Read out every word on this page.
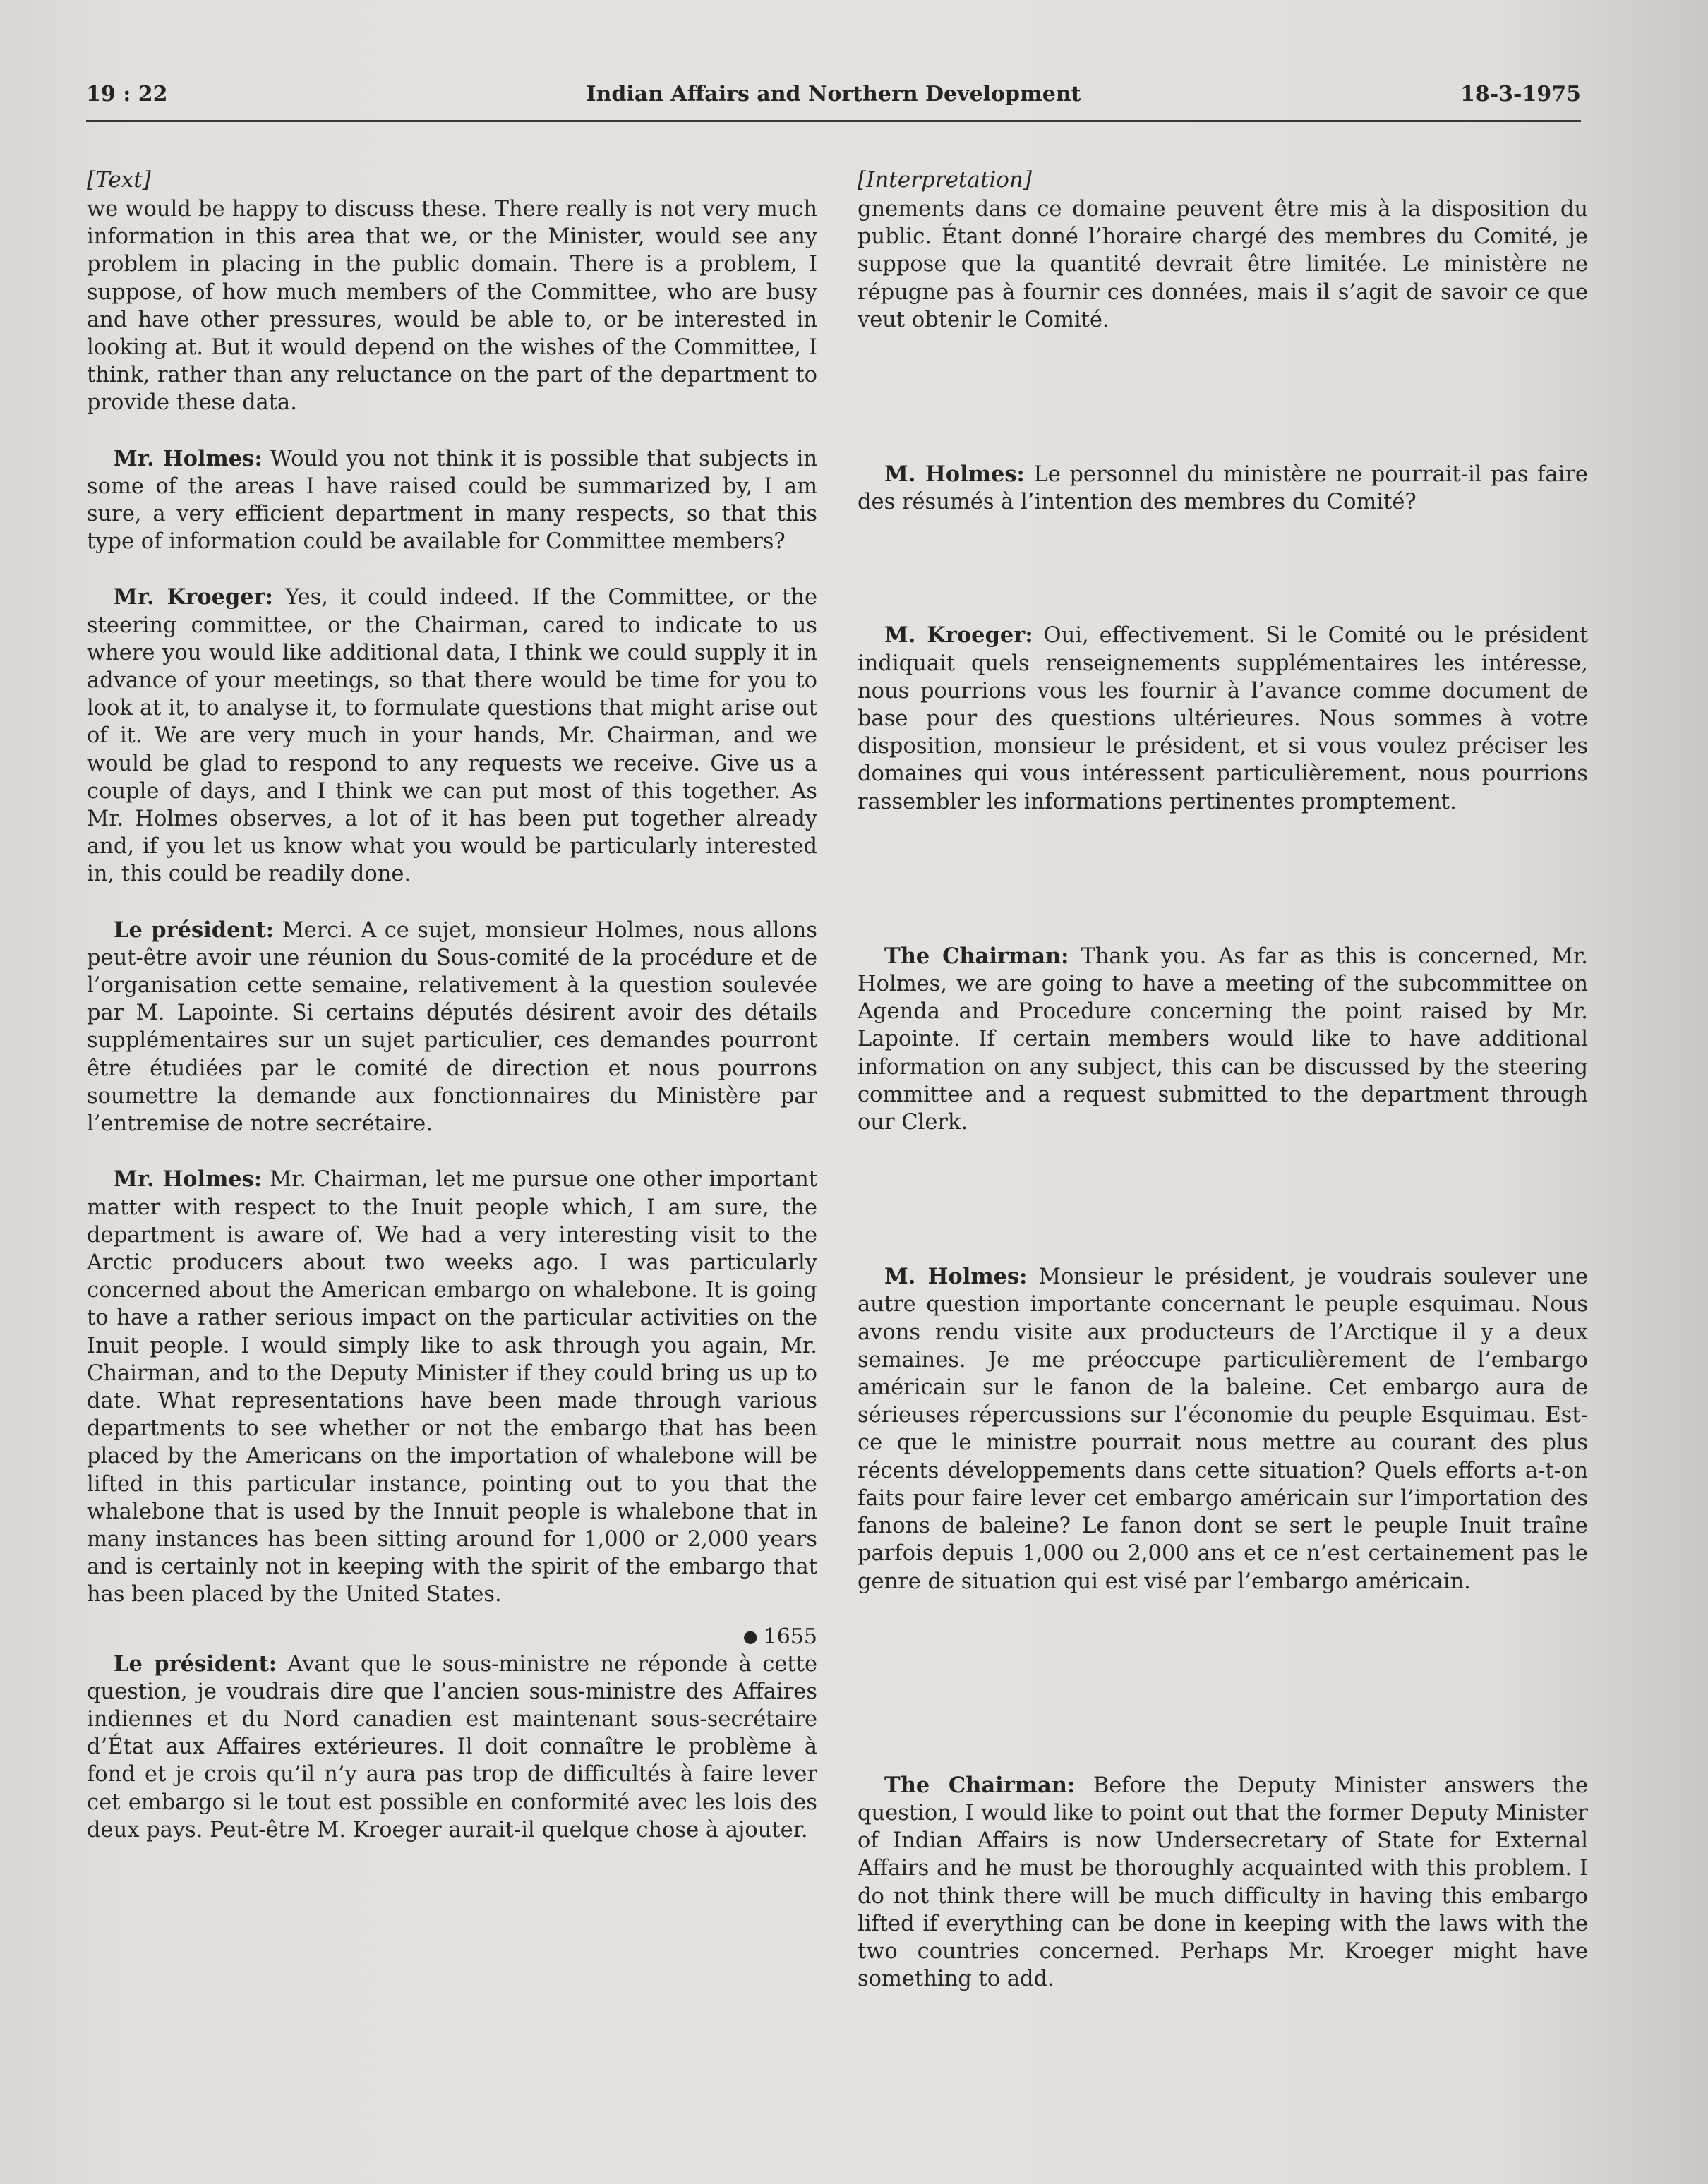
19 : 22	Indian Affairs and Northern Development	18-3-1975

[Text]

we would be happy to discuss these. There really is not very much information in this area that we, or the Minister, would see any problem in placing in the public domain. There is a problem, I suppose, of how much members of the Committee, who are busy and have other pressures, would be able to, or be interested in looking at. But it would depend on the wishes of the Committee, I think, rather than any reluctance on the part of the department to provide these data.

Mr. Holmes: Would you not think it is possible that subjects in some of the areas I have raised could be summarized by, I am sure, a very efficient department in many respects, so that this type of information could be available for Committee members?

Mr. Kroeger: Yes, it could indeed. If the Committee, or the steering committee, or the Chairman, cared to indicate to us where you would like additional data, I think we could supply it in advance of your meetings, so that there would be time for you to look at it, to analyse it, to formulate questions that might arise out of it. We are very much in your hands, Mr. Chairman, and we would be glad to respond to any requests we receive. Give us a couple of days, and I think we can put most of this together. As Mr. Holmes observes, a lot of it has been put together already and, if you let us know what you would be particularly interested in, this could be readily done.

Le président: Merci. A ce sujet, monsieur Holmes, nous allons peut-être avoir une réunion du Sous-comité de la procédure et de l’organisation cette semaine, relativement à la question soulevée par M. Lapointe. Si certains députés désirent avoir des détails supplémentaires sur un sujet particulier, ces demandes pourront être étudiées par le comité de direction et nous pourrons soumettre la demande aux fonctionnaires du Ministère par l’entremise de notre secrétaire.

Mr. Holmes: Mr. Chairman, let me pursue one other important matter with respect to the Inuit people which, I am sure, the department is aware of. We had a very interesting visit to the Arctic producers about two weeks ago. I was particularly concerned about the American embargo on whalebone. It is going to have a rather serious impact on the particular activities on the Inuit people. I would simply like to ask through you again, Mr. Chairman, and to the Deputy Minister if they could bring us up to date. What representations have been made through various departments to see whether or not the embargo that has been placed by the Americans on the importation of whalebone will be lifted in this particular instance, pointing out to you that the whalebone that is used by the Innuit people is whalebone that in many instances has been sitting around for 1,000 or 2,000 years and is certainly not in keeping with the spirit of the embargo that has been placed by the United States.

● 1655

Le président: Avant que le sous-ministre ne réponde à cette question, je voudrais dire que l’ancien sous-ministre des Affaires indiennes et du Nord canadien est maintenant sous-secrétaire d’État aux Affaires extérieures. Il doit connaître le problème à fond et je crois qu’il n’y aura pas trop de difficultés à faire lever cet embargo si le tout est possible en conformité avec les lois des deux pays. Peut-être M. Kroeger aurait-il quelque chose à ajouter.

[Interpretation]

gnements dans ce domaine peuvent être mis à la disposition du public. Étant donné l’horaire chargé des membres du Comité, je suppose que la quantité devrait être limitée. Le ministère ne répugne pas à fournir ces données, mais il s’agit de savoir ce que veut obtenir le Comité.

M. Holmes: Le personnel du ministère ne pourrait-il pas faire des résumés à l’intention des membres du Comité?

M. Kroeger: Oui, effectivement. Si le Comité ou le président indiquait quels renseignements supplémentaires les intéresse, nous pourrions vous les fournir à l’avance comme document de base pour des questions ultérieures. Nous sommes à votre disposition, monsieur le président, et si vous voulez préciser les domaines qui vous intéressent particulièrement, nous pourrions rassembler les informations pertinentes promptement.

The Chairman: Thank you. As far as this is concerned, Mr. Holmes, we are going to have a meeting of the subcommittee on Agenda and Procedure concerning the point raised by Mr. Lapointe. If certain members would like to have additional information on any subject, this can be discussed by the steering committee and a request submitted to the department through our Clerk.

M. Holmes: Monsieur le président, je voudrais soulever une autre question importante concernant le peuple esquimau. Nous avons rendu visite aux producteurs de l’Arctique il y a deux semaines. Je me préoccupe particulièrement de l’embargo américain sur le fanon de la baleine. Cet embargo aura de sérieuses répercussions sur l’économie du peuple Esquimau. Est-ce que le ministre pourrait nous mettre au courant des plus récents développements dans cette situation? Quels efforts a-t-on faits pour faire lever cet embargo américain sur l’importation des fanons de baleine? Le fanon dont se sert le peuple Inuit traîne parfois depuis 1,000 ou 2,000 ans et ce n’est certainement pas le genre de situation qui est visé par l’embargo américain.

The Chairman: Before the Deputy Minister answers the question, I would like to point out that the former Deputy Minister of Indian Affairs is now Undersecretary of State for External Affairs and he must be thoroughly acquainted with this problem. I do not think there will be much difficulty in having this embargo lifted if everything can be done in keeping with the laws with the two countries concerned. Perhaps Mr. Kroeger might have something to add.
